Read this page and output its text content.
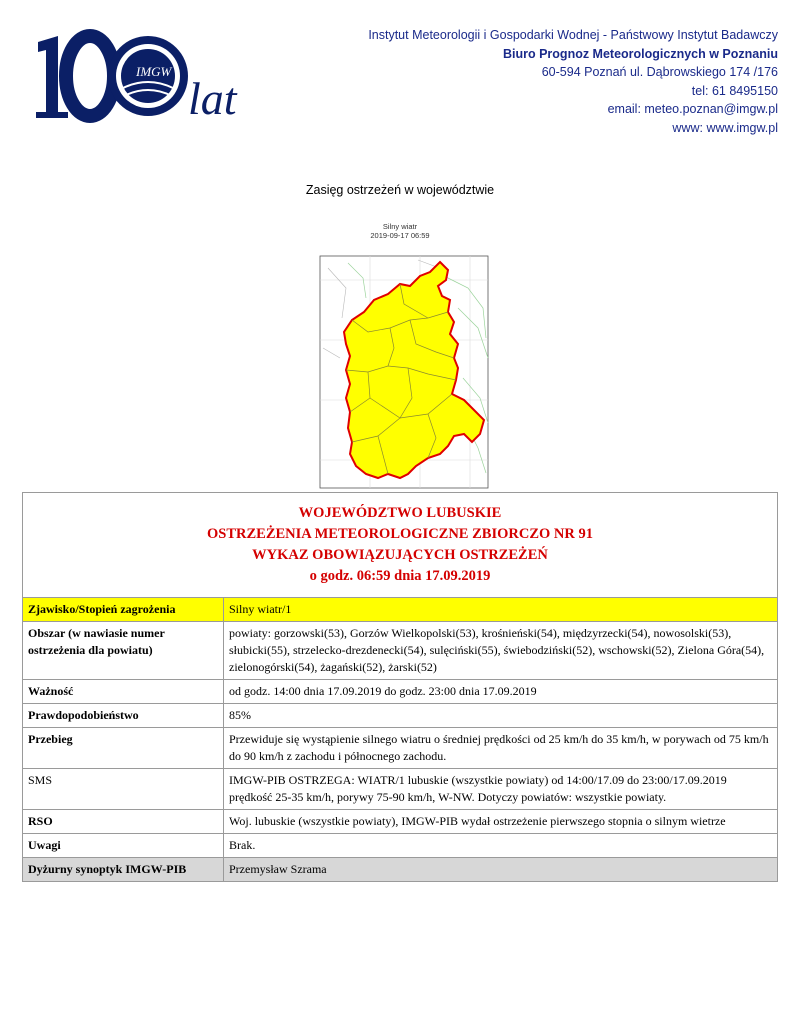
IMGW
lat
Instytut Meteorologii i Gospodarki Wodnej - Państwowy Instytut Badawczy
Biuro Prognoz Meteorologicznych w Poznaniu
60-594 Poznań ul. Dąbrowskiego 174 /176
tel: 61 8495150
email: meteo.poznan@imgw.pl
www: www.imgw.pl
Zasięg ostrzeżeń w województwie
Silny wiatr
2019-09-17 06:59
WOJEWÓDZTWO LUBUSKIE
OSTRZEŻENIA METEOROLOGICZNE ZBIORCZO NR 91
WYKAZ OBOWIĄZUJĄCYCH OSTRZEŻEŃ
o godz. 06:59 dnia 17.09.2019	

Zjawisko/Stopień zagrożenia	Silny wiatr/1
Obszar (w nawiasie numer ostrzeżenia dla powiatu)	powiaty: gorzowski(53), Gorzów Wielkopolski(53), krośnieński(54), międzyrzecki(54), nowosolski(53), słubicki(55), strzelecko-drezdenecki(54), sulęciński(55), świebodziński(52), wschowski(52), Zielona Góra(54), zielonogórski(54), żagański(52), żarski(52)
Ważność	od godz. 14:00 dnia 17.09.2019 do godz. 23:00 dnia 17.09.2019
Prawdopodobieństwo	85%
Przebieg	Przewiduje się wystąpienie silnego wiatru o średniej prędkości od 25 km/h do 35 km/h, w porywach od 75 km/h do 90 km/h z zachodu i północnego zachodu.
SMS	IMGW-PIB OSTRZEGA: WIATR/1 lubuskie (wszystkie powiaty) od 14:00/17.09 do 23:00/17.09.2019 prędkość 25-35 km/h, porywy 75-90 km/h, W-NW. Dotyczy powiatów: wszystkie powiaty.
RSO	Woj. lubuskie (wszystkie powiaty), IMGW-PIB wydał ostrzeżenie pierwszego stopnia o silnym wietrze
Uwagi	Brak.
Dyżurny synoptyk IMGW-PIB	Przemysław Szrama
